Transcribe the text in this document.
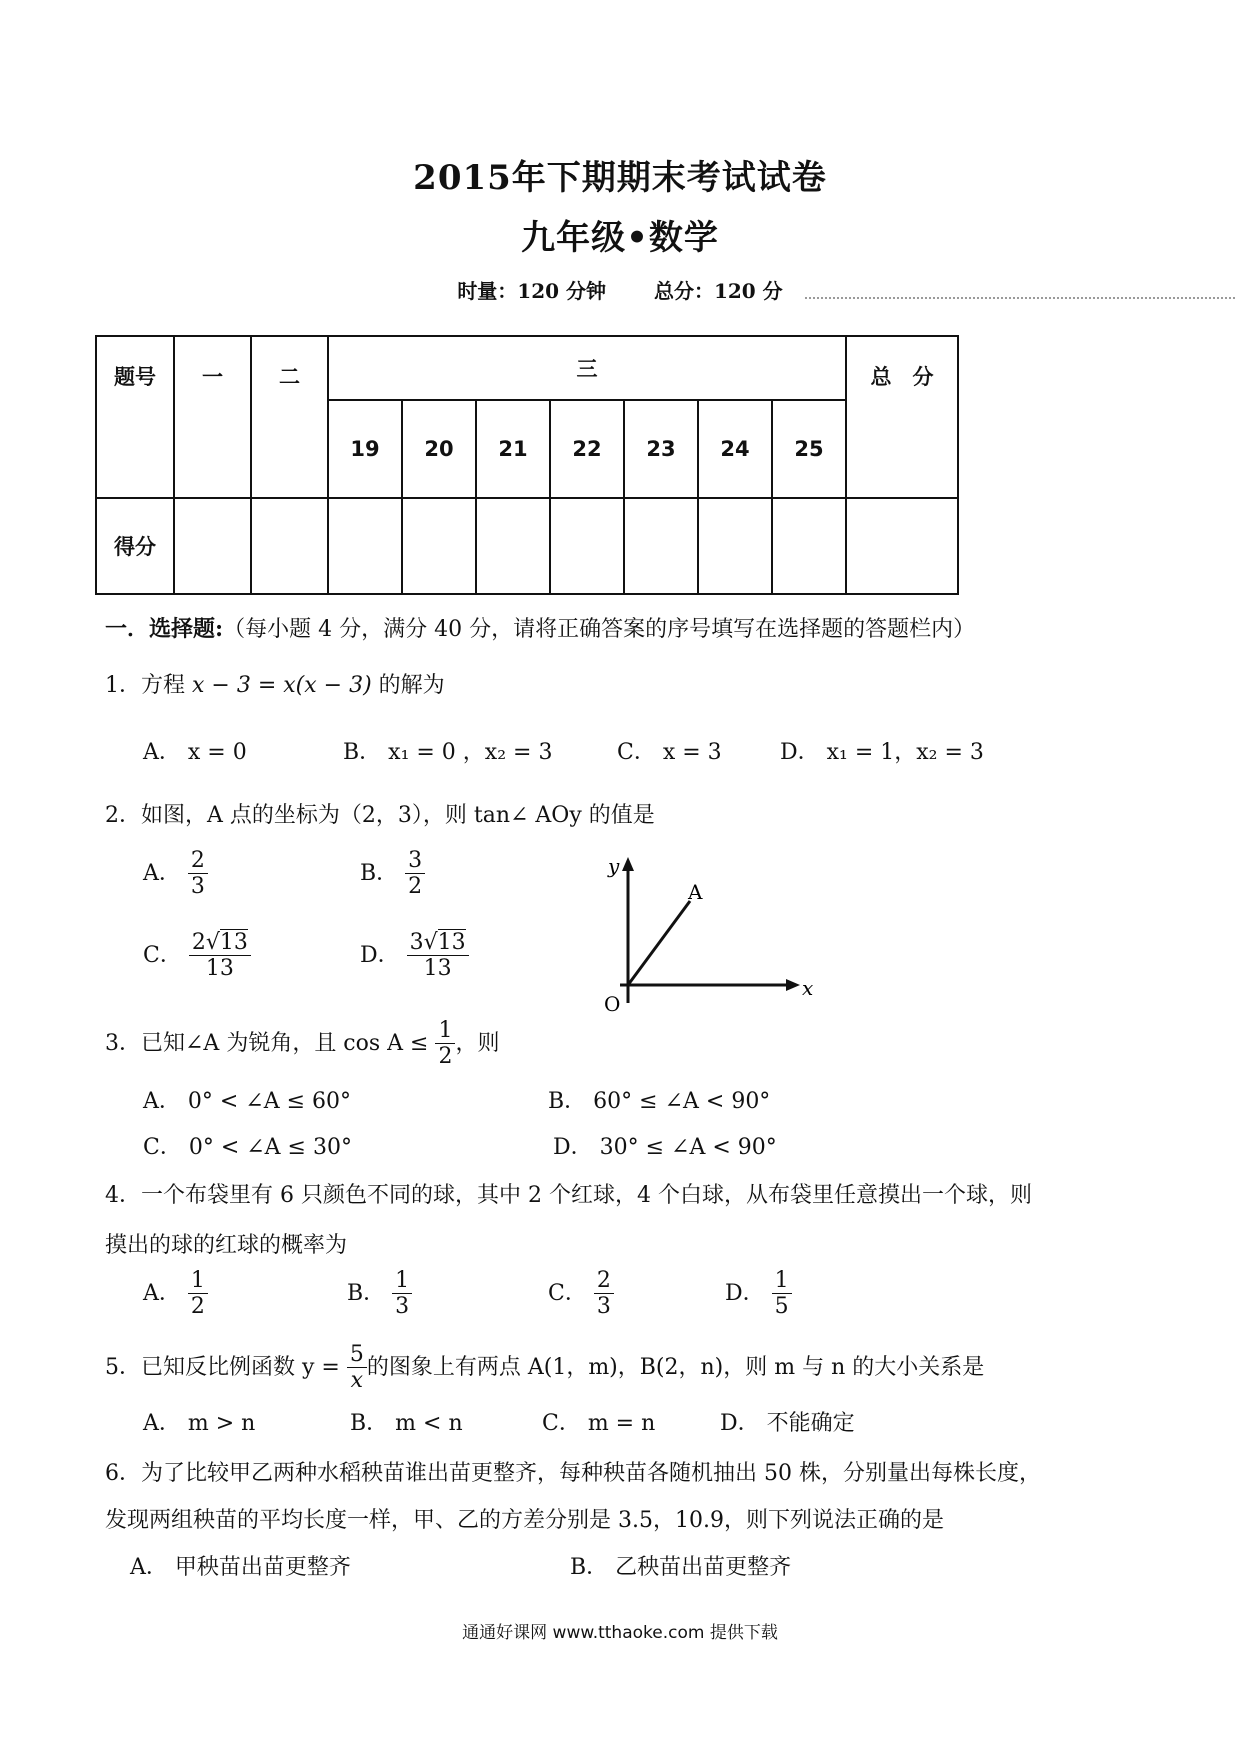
2015年下期期末考试试卷
九年级•数学
时量：120 分钟 总分：120 分
题号	一	二	三							总　分
			19	20	21	22	23	24	25	
得分										
一．选择题:（每小题 4 分，满分 40 分，请将正确答案的序号填写在选择题的答题栏内）
1．方程 x − 3 = x(x − 3) 的解为
A． x = 0	B． x₁ = 0 ，x₂ = 3	C． x = 3	D． x₁ = 1，x₂ = 3
2．如图，A 点的坐标为（2，3），则 tan∠ AOy 的值是
A． $\frac{2}{3}$	B． $\frac{3}{2}$
C． $\frac{2√13}{13}$	D． $\frac{3√13}{13}$
y
x
A
O
3．已知∠A 为锐角，且 $\cos A \le \frac{1}{2}$ ，则
A． 0° < ∠A ≤ 60°	B． 60° ≤ ∠A < 90°
C． 0° < ∠A ≤ 30°	D． 30° ≤ ∠A < 90°
4．一个布袋里有 6 只颜色不同的球，其中 2 个红球，4 个白球，从布袋里任意摸出一个球，则
摸出的球的红球的概率为
A． $\frac{1}{2}$	B． $\frac{1}{3}$	C． $\frac{2}{3}$	D． $\frac{1}{5}$
5．已知反比例函数 $y = \frac{5}{x}$ 的图象上有两点 A(1，m)，B(2，n)，则 m 与 n 的大小关系是
A． m > n	B． m < n	C． m = n	D． 不能确定
6．为了比较甲乙两种水稻秧苗谁出苗更整齐，每种秧苗各随机抽出 50 株，分别量出每株长度，
发现两组秧苗的平均长度一样，甲、乙的方差分别是 3.5，10.9，则下列说法正确的是
A． 甲秧苗出苗更整齐	B． 乙秧苗出苗更整齐
通通好课网 www.tthaoke.com 提供下载
